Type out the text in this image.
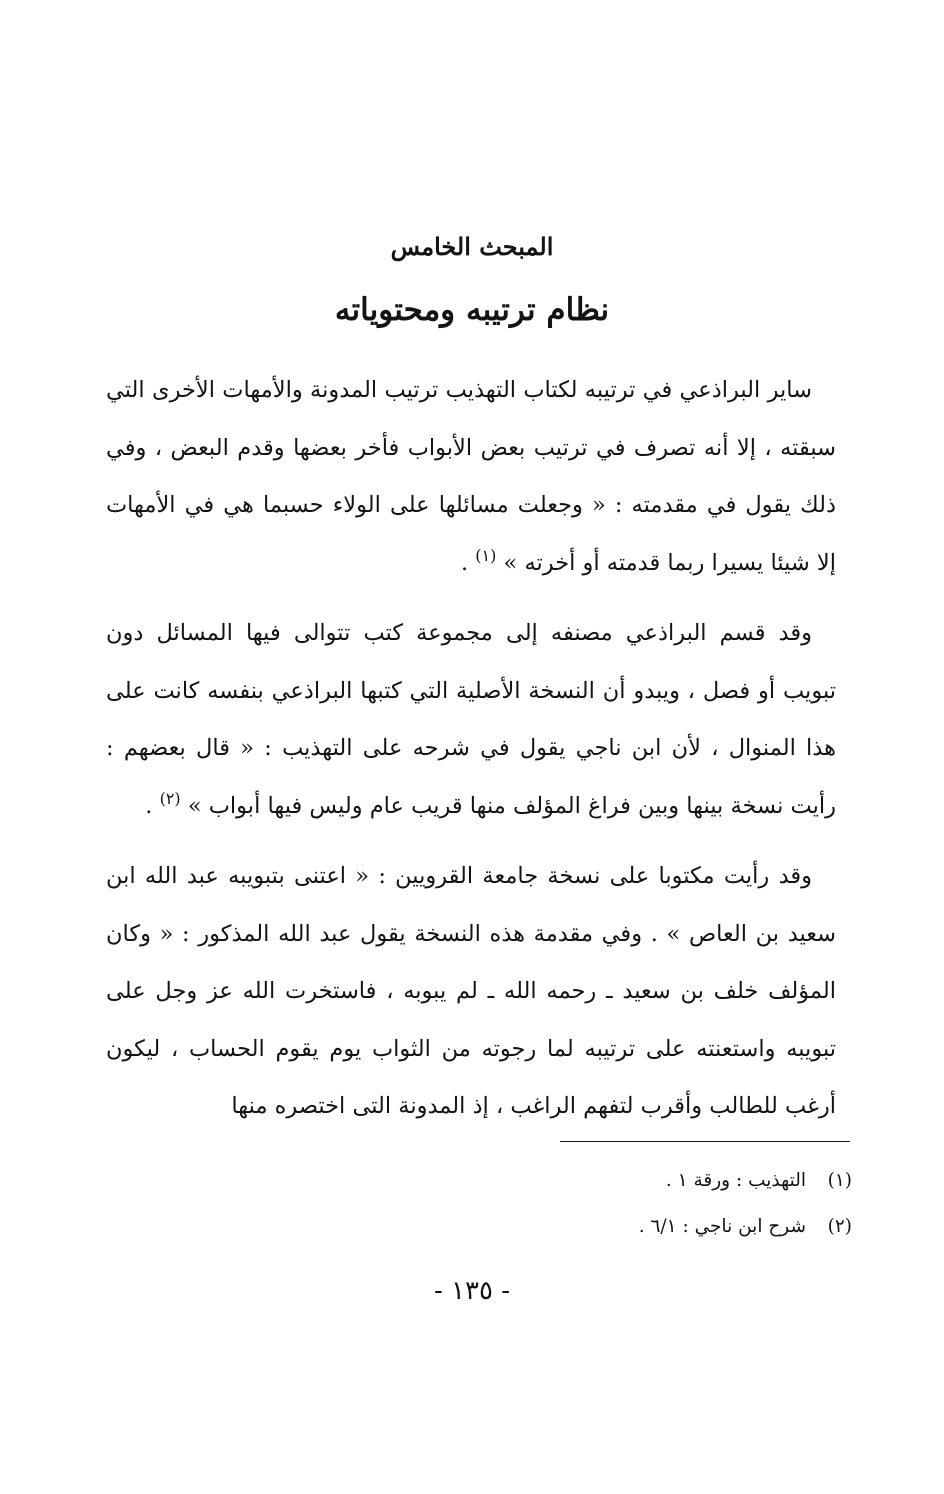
المبحث الخامس
نظام ترتيبه ومحتوياته

ساير البراذعي في ترتيبه لكتاب التهذيب ترتيب المدونة والأمهات الأخرى التي سبقته ، إلا أنه تصرف في ترتيب بعض الأبواب فأخر بعضها وقدم البعض ، وفي ذلك يقول في مقدمته : « وجعلت مسائلها على الولاء حسبما هي في الأمهات إلا شيئا يسيرا ربما قدمته أو أخرته » $^{(١)}$ .

وقد قسم البراذعي مصنفه إلى مجموعة كتب تتوالى فيها المسائل دون تبويب أو فصل ، ويبدو أن النسخة الأصلية التي كتبها البراذعي بنفسه كانت على هذا المنوال ، لأن ابن ناجي يقول في شرحه على التهذيب : « قال بعضهم : رأيت نسخة بينها وبين فراغ المؤلف منها قريب عام وليس فيها أبواب » $^{(٢)}$ .

وقد رأيت مكتوبا على نسخة جامعة القرويين : « اعتنى بتبويبه عبد الله ابن سعيد بن العاص » . وفي مقدمة هذه النسخة يقول عبد الله المذكور : « وكان المؤلف خلف بن سعيد ـ رحمه الله ـ لم يبوبه ، فاستخرت الله عز وجل على تبويبه واستعنته على ترتيبه لما رجوته من الثواب يوم يقوم الحساب ، ليكون أرغب للطالب وأقرب لتفهم الراغب ، إذ المدونة التى اختصره منها

(١)
التهذيب : ورقة ١ .
(٢)
شرح ابن ناجي : ٦/١ .
- ١٣٥ -
